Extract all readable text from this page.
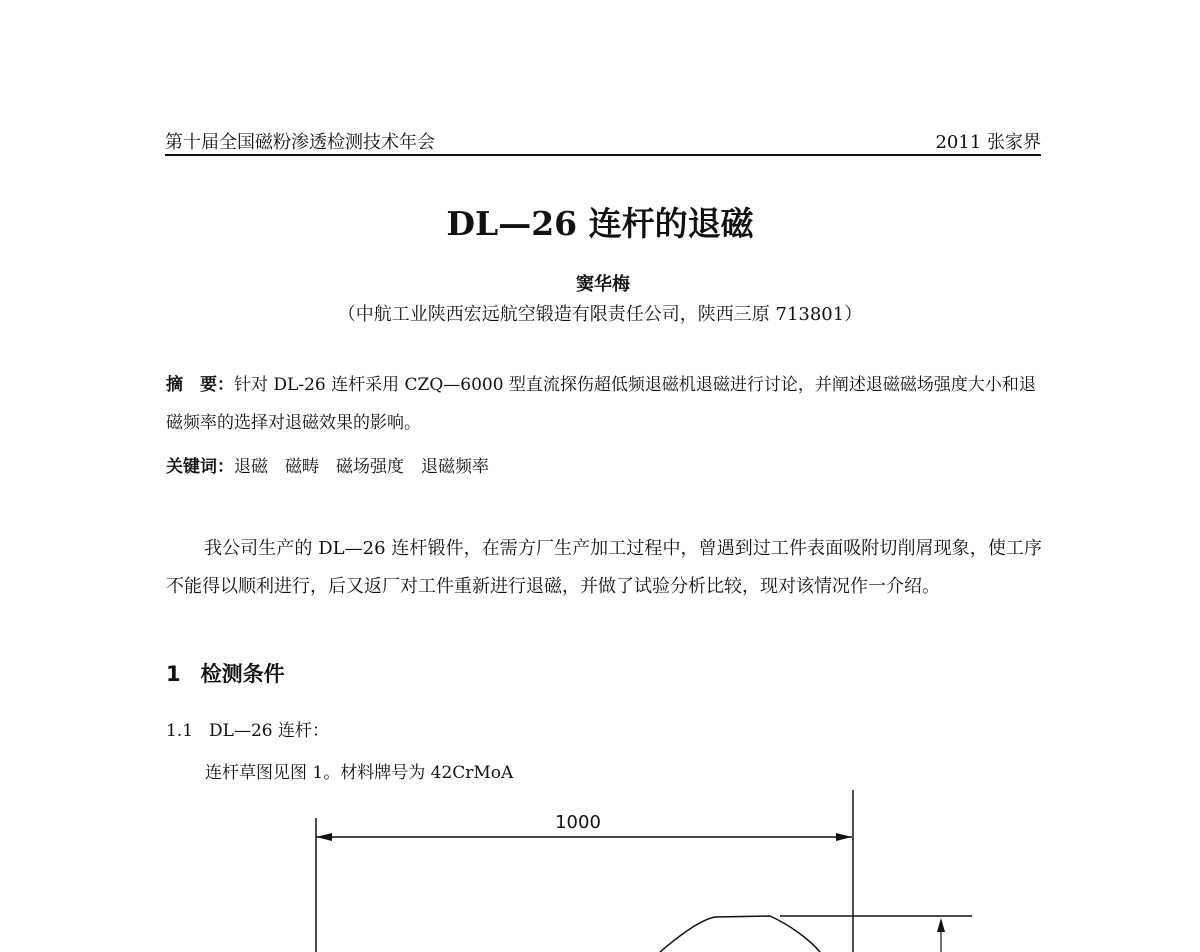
第十届全国磁粉渗透检测技术年会	2011 张家界
DL—26 连杆的退磁
窦华梅
（中航工业陕西宏远航空锻造有限责任公司，陕西三原 713801）
摘　要：针对 DL-26 连杆采用 CZQ—6000 型直流探伤超低频退磁机退磁进行讨论，并阐述退磁磁场强度大小和退磁频率的选择对退磁效果的影响。
关键词：退磁　磁畴　磁场强度　退磁频率
我公司生产的 DL—26 连杆锻件，在需方厂生产加工过程中，曾遇到过工件表面吸附切削屑现象，使工序不能得以顺利进行，后又返厂对工件重新进行退磁，并做了试验分析比较，现对该情况作一介绍。
1 检测条件
1.1 DL—26 连杆：
连杆草图见图 1。材料牌号为 42CrMoA
1000
